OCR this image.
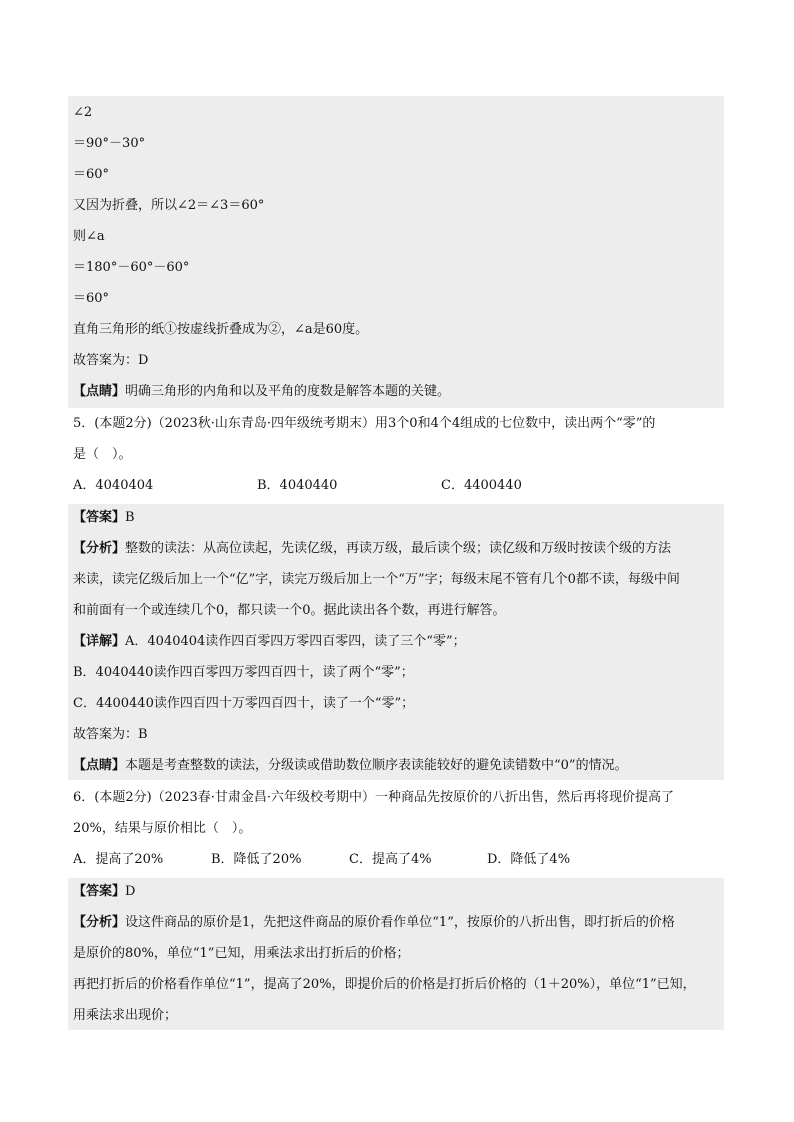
∠2
＝90°－30°
＝60°
又因为折叠，所以∠2＝∠3＝60°
则∠a
＝180°－60°－60°
＝60°
直角三角形的纸①按虚线折叠成为②，∠a是60度。
故答案为：D
【点睛】明确三角形的内角和以及平角的度数是解答本题的关键。
5．(本题2分)（2023秋·山东青岛·四年级统考期末）用3个0和4个4组成的七位数中，读出两个“零”的
是（　）。
A．4040404	B．4040440	C．4400440
【答案】B
【分析】整数的读法：从高位读起，先读亿级，再读万级，最后读个级；读亿级和万级时按读个级的方法
来读，读完亿级后加上一个“亿”字，读完万级后加上一个“万”字；每级末尾不管有几个0都不读，每级中间
和前面有一个或连续几个0，都只读一个0。据此读出各个数，再进行解答。
【详解】A．4040404读作四百零四万零四百零四，读了三个“零”；
B．4040440读作四百零四万零四百四十，读了两个“零”；
C．4400440读作四百四十万零四百四十，读了一个“零”；
故答案为：B
【点睛】本题是考查整数的读法，分级读或借助数位顺序表读能较好的避免读错数中“0”的情况。
6．(本题2分)（2023春·甘肃金昌·六年级校考期中）一种商品先按原价的八折出售，然后再将现价提高了
20%，结果与原价相比（　）。
A．提高了20%	B．降低了20%	C．提高了4%	D．降低了4%
【答案】D
【分析】设这件商品的原价是1，先把这件商品的原价看作单位“1”，按原价的八折出售，即打折后的价格
是原价的80%，单位“1”已知，用乘法求出打折后的价格；
再把打折后的价格看作单位“1”，提高了20%，即提价后的价格是打折后价格的（1＋20%），单位“1”已知，
用乘法求出现价；
